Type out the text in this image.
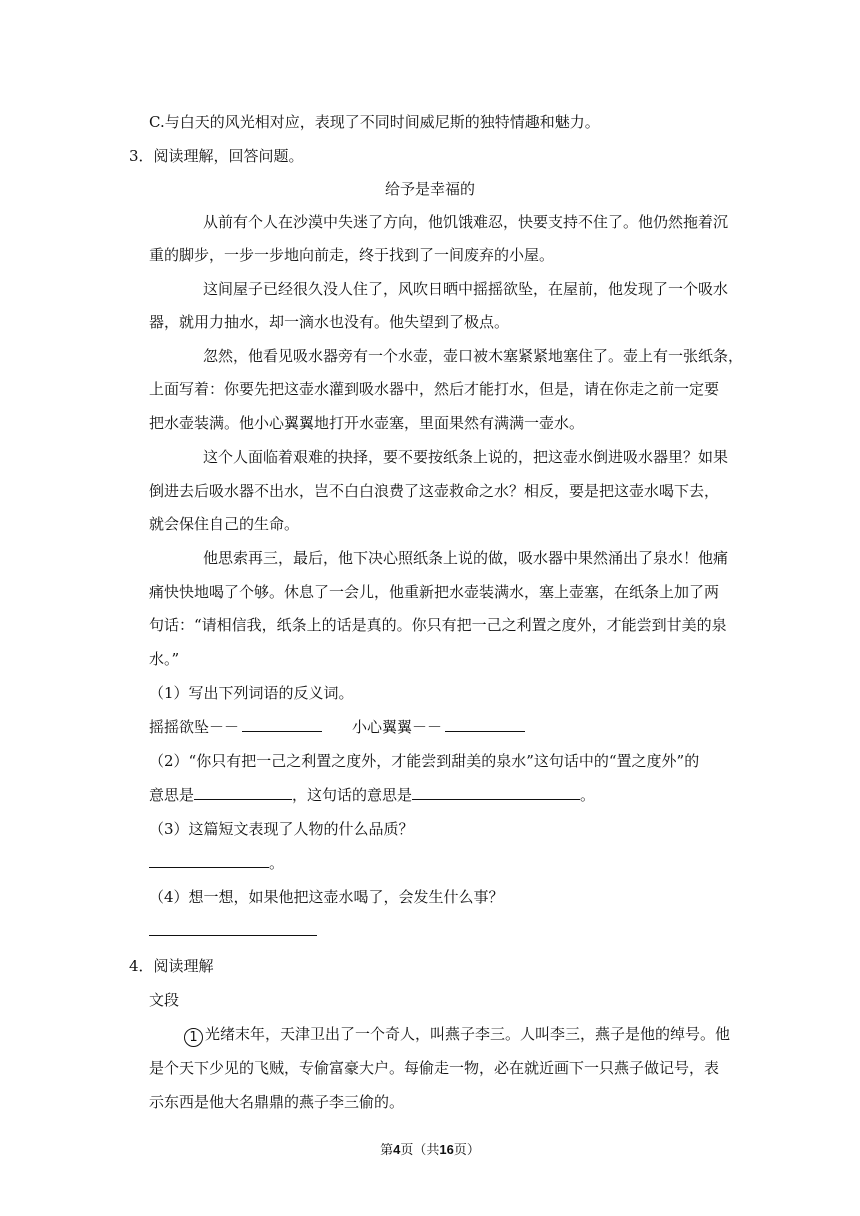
C.与白天的风光相对应，表现了不同时间威尼斯的独特情趣和魅力。
3．阅读理解，回答问题。
给予是幸福的
从前有个人在沙漠中失迷了方向，他饥饿难忍，快要支持不住了。他仍然拖着沉
重的脚步，一步一步地向前走，终于找到了一间废弃的小屋。
这间屋子已经很久没人住了，风吹日晒中摇摇欲坠，在屋前，他发现了一个吸水
器，就用力抽水，却一滴水也没有。他失望到了极点。
忽然，他看见吸水器旁有一个水壶，壶口被木塞紧紧地塞住了。壶上有一张纸条，
上面写着：你要先把这壶水灌到吸水器中，然后才能打水，但是，请在你走之前一定要
把水壶装满。他小心翼翼地打开水壶塞，里面果然有满满一壶水。
这个人面临着艰难的抉择，要不要按纸条上说的，把这壶水倒进吸水器里？如果
倒进去后吸水器不出水，岂不白白浪费了这壶救命之水？相反，要是把这壶水喝下去，
就会保住自己的生命。
他思索再三，最后，他下决心照纸条上说的做，吸水器中果然涌出了泉水！他痛
痛快快地喝了个够。休息了一会儿，他重新把水壶装满水，塞上壶塞，在纸条上加了两
句话：“请相信我，纸条上的话是真的。你只有把一己之利置之度外，才能尝到甘美的泉
水。”
（1）写出下列词语的反义词。
摇摇欲坠－－	小心翼翼－－
（2）“你只有把一己之利置之度外，才能尝到甜美的泉水”这句话中的“置之度外”的
意思是	，这句话的意思是	。
（3）这篇短文表现了人物的什么品质？
。
（4）想一想，如果他把这壶水喝了，会发生什么事？
4．阅读理解
文段
1 光绪末年，天津卫出了一个奇人，叫燕子李三。人叫李三，燕子是他的绰号。他
是个天下少见的飞贼，专偷富豪大户。每偷走一物，必在就近画下一只燕子做记号，表
示东西是他大名鼎鼎的燕子李三偷的。
第4页（共16页）
